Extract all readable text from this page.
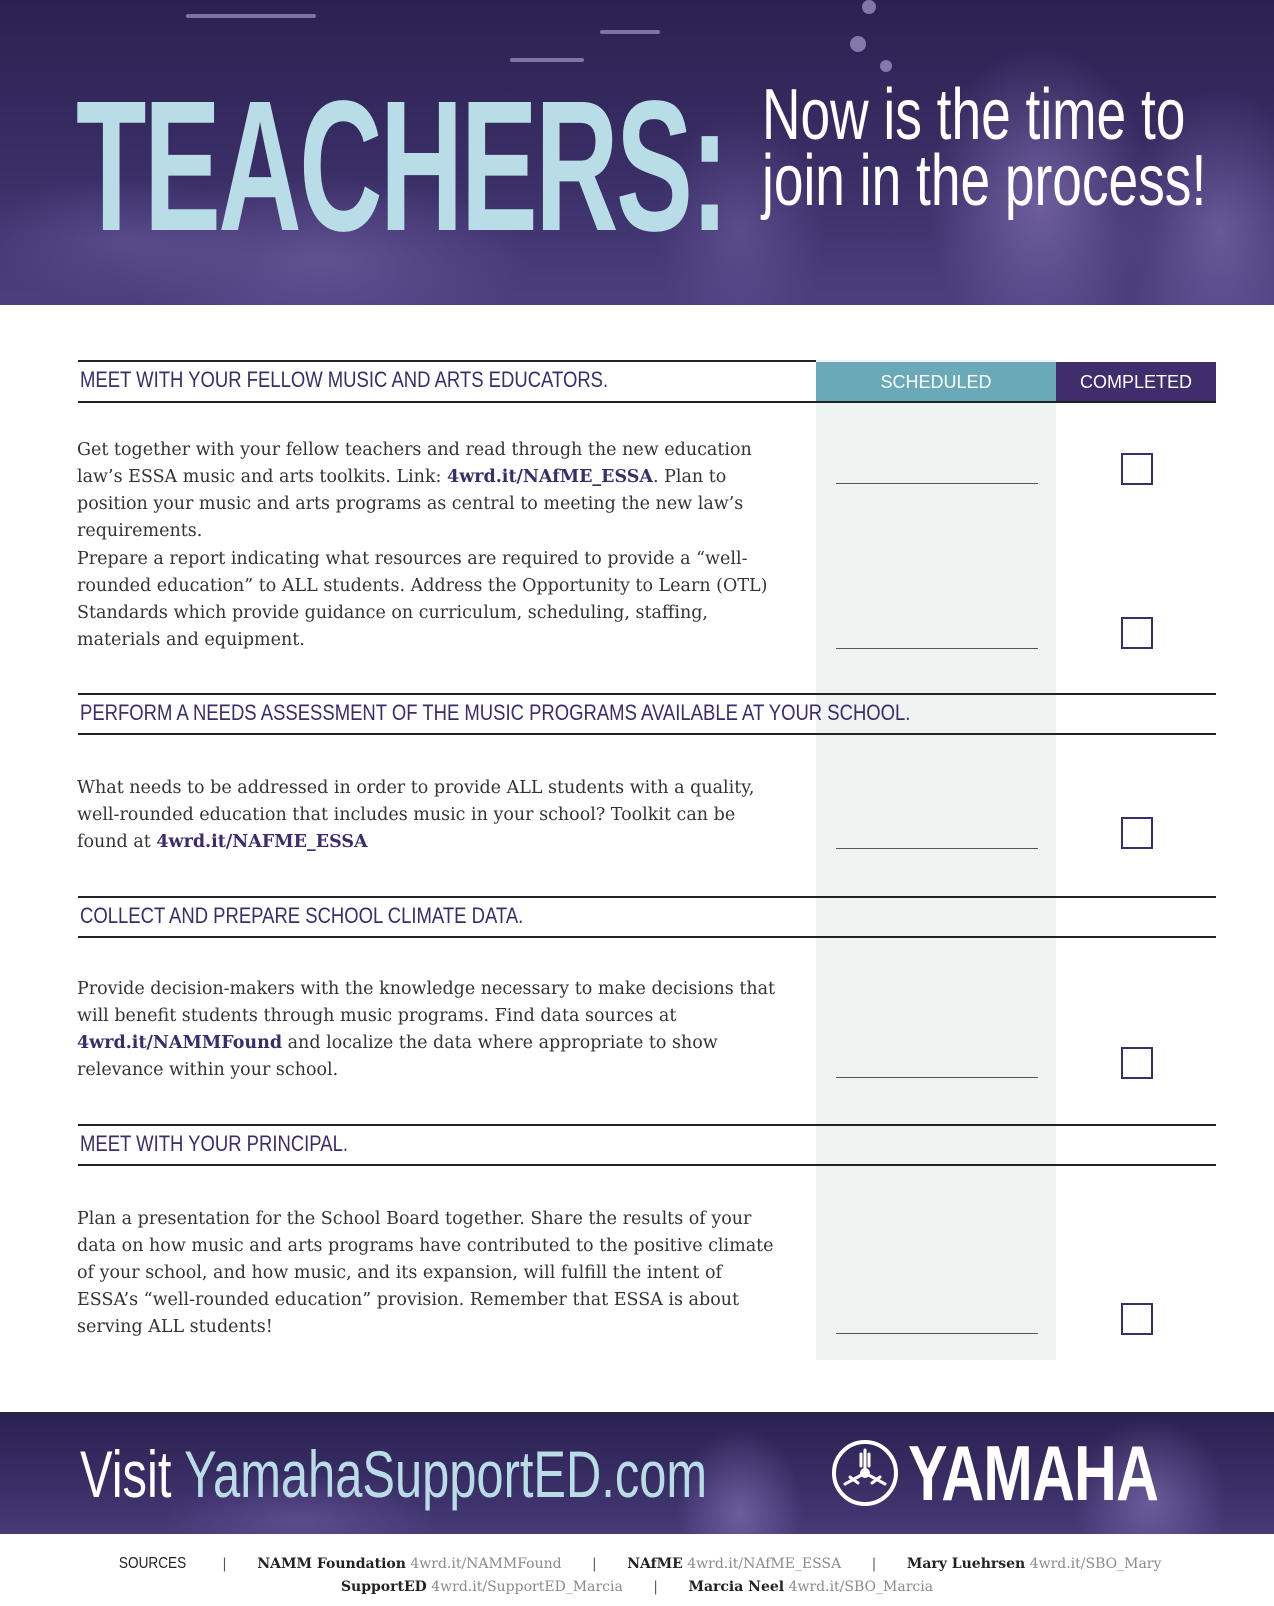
TEACHERS: Now is the time to
join in the process!
SCHEDULED	COMPLETED
MEET WITH YOUR FELLOW MUSIC AND ARTS EDUCATORS.
Get together with your fellow teachers and read through the new education law’s ESSA music and arts toolkits. Link: 4wrd.it/NAfME_ESSA. Plan to position your music and arts programs as central to meeting the new law’s requirements.
Prepare a report indicating what resources are required to provide a “well-rounded education” to ALL students. Address the Opportunity to Learn (OTL) Standards which provide guidance on curriculum, scheduling, staffing, materials and equipment.
PERFORM A NEEDS ASSESSMENT OF THE MUSIC PROGRAMS AVAILABLE AT YOUR SCHOOL.
What needs to be addressed in order to provide ALL students with a quality, well-rounded education that includes music in your school? Toolkit can be found at 4wrd.it/NAFME_ESSA
COLLECT AND PREPARE SCHOOL CLIMATE DATA.
Provide decision-makers with the knowledge necessary to make decisions that will benefit students through music programs. Find data sources at 4wrd.it/NAMMFound and localize the data where appropriate to show relevance within your school.
MEET WITH YOUR PRINCIPAL.
Plan a presentation for the School Board together. Share the results of your data on how music and arts programs have contributed to the positive climate of your school, and how music, and its expansion, will fulfill the intent of ESSA’s “well-rounded education” provision. Remember that ESSA is about serving ALL students!
Visit YamahaSupportED.com	YAMAHA
SOURCES	| NAMM Foundation 4wrd.it/NAMMFound | NAfME 4wrd.it/NAfME_ESSA | Mary Luehrsen 4wrd.it/SBO_Mary
SupportED 4wrd.it/SupportED_Marcia | Marcia Neel 4wrd.it/SBO_Marcia
